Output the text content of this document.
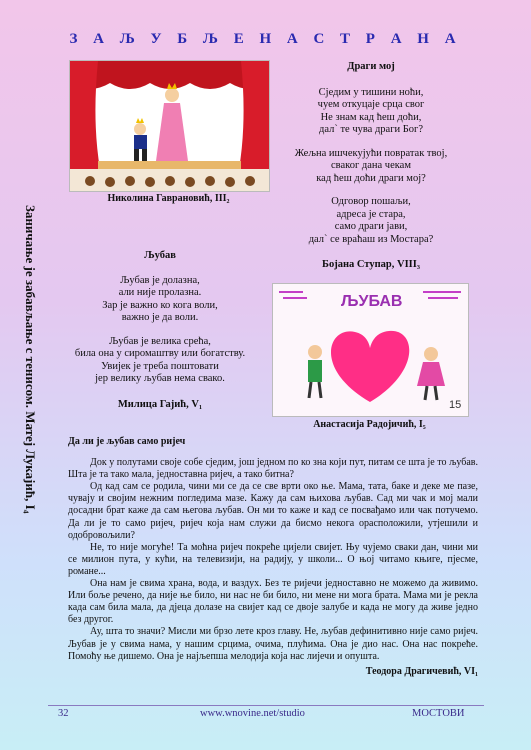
З А Љ У Б Љ Е Н А С Т Р А Н А
Заничање је забављање с тенисом. Матеј Лукајић, I₄
Николина Гаврановић, III₂

Драги мој

Сједим у тишини ноћи,

чуем откуцаје срца свог

Не знам кад ћеш доћи,

дал` те чува драги Бог?

Жељна ишчекујући повратак твој,

сваког дана чекам

кад ћеш доћи драги мој?

Одговор пошаљи,

адреса је стара,

само драги јави,

дал` се враћаш из Мостара?

Бојана Ступар, VIII₃

Љубав

Љубав је долазна,

али није пролазна.

Зар је важно ко кога воли,

важно је да воли.

Љубав је велика срећа,

била она у сиромаштву или богатству.

Увијек је треба поштовати

јер велику љубав нема свако.

Милица Гајић, V₁

ЉУБАВ
15
Анастасија Радојичић, I₅

Да ли је љубав само ријеч

Док у полутами своје собе сједим, још једном по ко зна који пут, питам се шта је то љубав. Шта је та тако мала, једноставна ријеч, а тако битна?

Од кад сам се родила, чини ми се да се све врти око ње. Мама, тата, баке и деке ме пазе, чувају и својим нежним погледима мазе. Кажу да сам њихова љубав. Сад ми чак и мој мали досадни брат каже да сам његова љубав. Он ми то каже и кад се посвађамо или чак потучемо. Да ли је то само ријеч, ријеч која нам служи да бисмо некога орасположили, утјешили и одобровољили?

Не, то није могуће! Та моћна ријеч покреће цијели свијет. Њу чујемо сваки дан, чини ми се милион пута, у кући, на телевизији, на радију, у школи... О њој читамо књиге, пјесме, романе...

Она нам је свима храна, вода, и ваздух. Без те ријечи једноставно не можемо да живимо. Или боље речено, да није ње било, ни нас не би било, ни мене ни мога брата. Мама ми је рекла када сам била мала, да дјеца долазе на свијет кад се двоје залубе и када не могу да живе једно без другог.

Ау, шта то значи? Мисли ми брзо лете кроз главу. Не, љубав дефинитивно није само ријеч. Љубав је у свима нама, у нашим срцима, очима, плућима. Она је дио нас. Она нас покреће. Помоћу ње дишемо. Она је најљепша мелодија која нас лијечи и опушта.

Теодора Драгичевић, VI₁

32	www.wnovine.net/studio	МОСТОВИ
